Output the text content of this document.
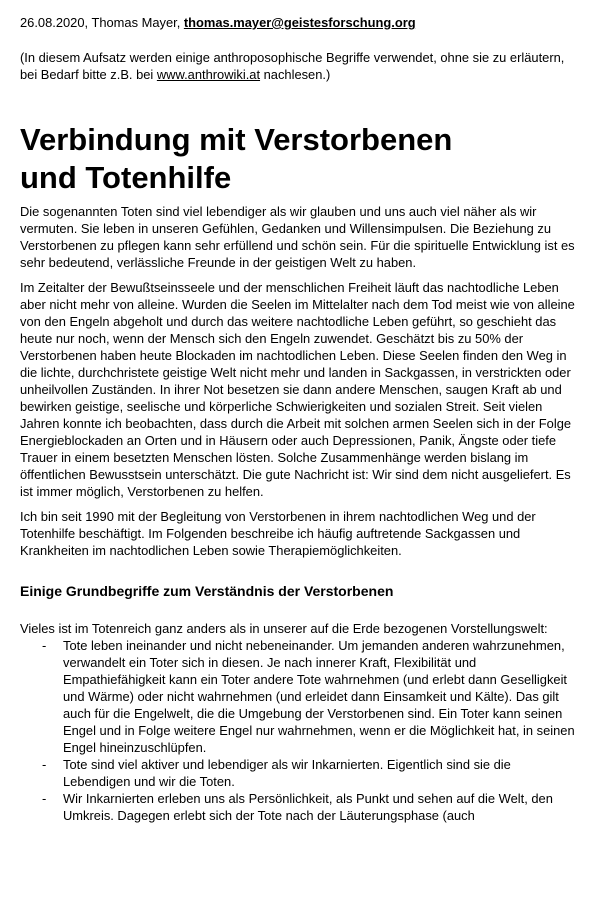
26.08.2020, Thomas Mayer, thomas.mayer@geistesforschung.org
(In diesem Aufsatz werden einige anthroposophische Begriffe verwendet, ohne sie zu erläutern, bei Bedarf bitte z.B. bei www.anthrowiki.at nachlesen.)
Verbindung mit Verstorbenen
und Totenhilfe

Die sogenannten Toten sind viel lebendiger als wir glauben und uns auch viel näher als wir vermuten. Sie leben in unseren Gefühlen, Gedanken und Willensimpulsen. Die Beziehung zu Verstorbenen zu pflegen kann sehr erfüllend und schön sein. Für die spirituelle Entwicklung ist es sehr bedeutend, verlässliche Freunde in der geistigen Welt zu haben.

Im Zeitalter der Bewußtseinsseele und der menschlichen Freiheit läuft das nachtodliche Leben aber nicht mehr von alleine. Wurden die Seelen im Mittelalter nach dem Tod meist wie von alleine von den Engeln abgeholt und durch das weitere nachtodliche Leben geführt, so geschieht das heute nur noch, wenn der Mensch sich den Engeln zuwendet. Geschätzt bis zu 50% der Verstorbenen haben heute Blockaden im nachtodlichen Leben. Diese Seelen finden den Weg in die lichte, durchchristete geistige Welt nicht mehr und landen in Sackgassen, in verstrickten oder unheilvollen Zuständen. In ihrer Not besetzen sie dann andere Menschen, saugen Kraft ab und bewirken geistige, seelische und körperliche Schwierigkeiten und sozialen Streit. Seit vielen Jahren konnte ich beobachten, dass durch die Arbeit mit solchen armen Seelen sich in der Folge Energieblockaden an Orten und in Häusern oder auch Depressionen, Panik, Ängste oder tiefe Trauer in einem besetzten Menschen lösten. Solche Zusammenhänge werden bislang im öffentlichen Bewusstsein unterschätzt. Die gute Nachricht ist: Wir sind dem nicht ausgeliefert. Es ist immer möglich, Verstorbenen zu helfen.

Ich bin seit 1990 mit der Begleitung von Verstorbenen in ihrem nachtodlichen Weg und der Totenhilfe beschäftigt. Im Folgenden beschreibe ich häufig auftretende Sackgassen und Krankheiten im nachtodlichen Leben sowie Therapiemöglichkeiten.

Einige Grundbegriffe zum Verständnis der Verstorbenen

Vieles ist im Totenreich ganz anders als in unserer auf die Erde bezogenen Vorstellungswelt:

- Tote leben ineinander und nicht nebeneinander. Um jemanden anderen wahrzunehmen, verwandelt ein Toter sich in diesen. Je nach innerer Kraft, Flexibilität und Empathiefähigkeit kann ein Toter andere Tote wahrnehmen (und erlebt dann Geselligkeit und Wärme) oder nicht wahrnehmen (und erleidet dann Einsamkeit und Kälte). Das gilt auch für die Engelwelt, die die Umgebung der Verstorbenen sind. Ein Toter kann seinen Engel und in Folge weitere Engel nur wahrnehmen, wenn er die Möglichkeit hat, in seinen Engel hineinzuschlüpfen.
- Tote sind viel aktiver und lebendiger als wir Inkarnierten. Eigentlich sind sie die Lebendigen und wir die Toten.
- Wir Inkarnierten erleben uns als Persönlichkeit, als Punkt und sehen auf die Welt, den Umkreis. Dagegen erlebt sich der Tote nach der Läuterungsphase (auch
